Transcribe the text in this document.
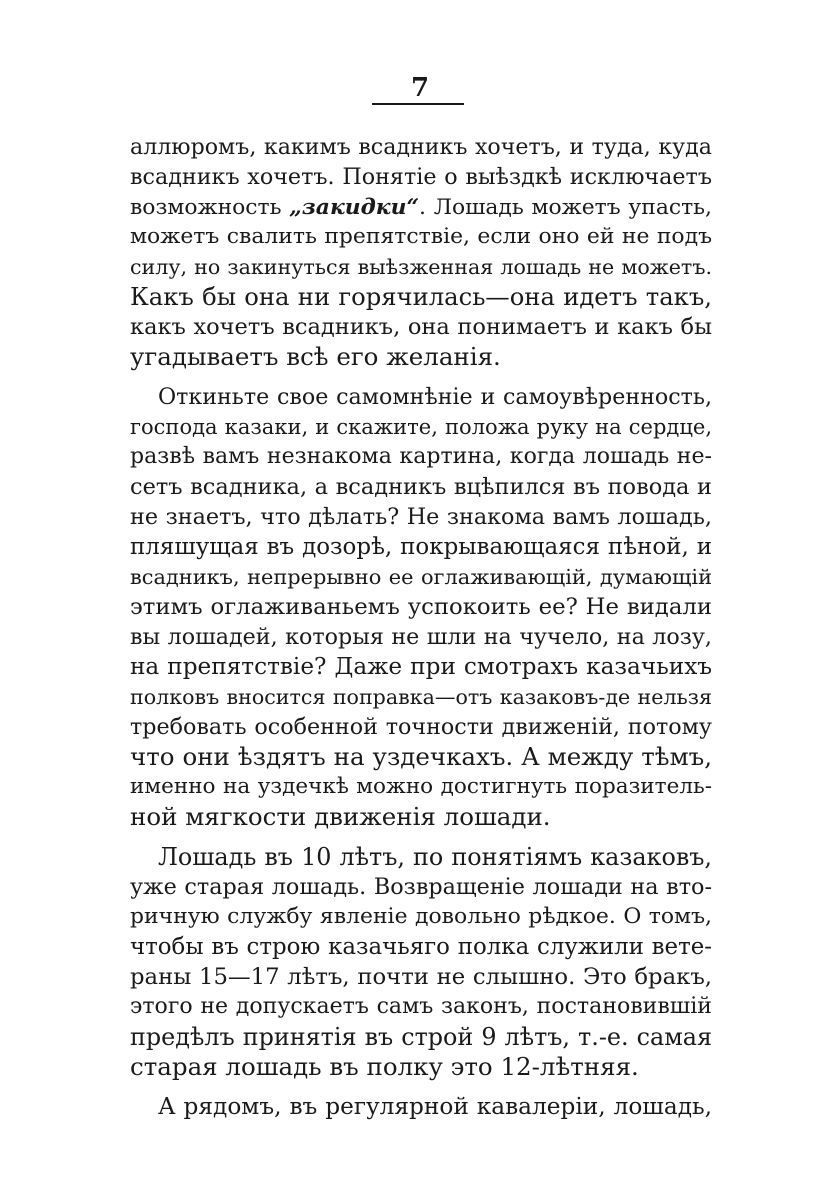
7
аллюромъ, какимъ всадникъ хочетъ, и туда, куда
всадникъ хочетъ. Понятіе о выѣздкѣ исключаетъ
возможность „закидки“. Лошадь можетъ упасть,
можетъ свалить препятствіе, если оно ей не подъ
силу, но закинуться выѣзженная лошадь не можетъ.
Какъ бы она ни горячилась—она идетъ такъ,
какъ хочетъ всадникъ, она понимаетъ и какъ бы
угадываетъ всѣ его желанія.
Откиньте свое самомнѣніе и самоувѣренность,
господа казаки, и скажите, положа руку на сердце,
развѣ вамъ незнакома картина, когда лошадь не-
сетъ всадника, а всадникъ вцѣпился въ повода и
не знаетъ, что дѣлать? Не знакома вамъ лошадь,
пляшущая въ дозорѣ, покрывающаяся пѣной, и
всадникъ, непрерывно ее оглаживающій, думающій
этимъ оглаживаньемъ успокоить ее? Не видали
вы лошадей, которыя не шли на чучело, на лозу,
на препятствіе? Даже при смотрахъ казачьихъ
полковъ вносится поправка—отъ казаковъ-де нельзя
требовать особенной точности движеній, потому
что они ѣздятъ на уздечкахъ. А между тѣмъ,
именно на уздечкѣ можно достигнуть поразитель-
ной мягкости движенія лошади.
Лошадь въ 10 лѣтъ, по понятіямъ казаковъ,
уже старая лошадь. Возвращеніе лошади на вто-
ричную службу явленіе довольно рѣдкое. О томъ,
чтобы въ строю казачьяго полка служили вете-
раны 15—17 лѣтъ, почти не слышно. Это бракъ,
этого не допускаетъ самъ законъ, постановившій
предѣлъ принятія въ строй 9 лѣтъ, т.-е. самая
старая лошадь въ полку это 12-лѣтняя.
А рядомъ, въ регулярной кавалеріи, лошадь,
